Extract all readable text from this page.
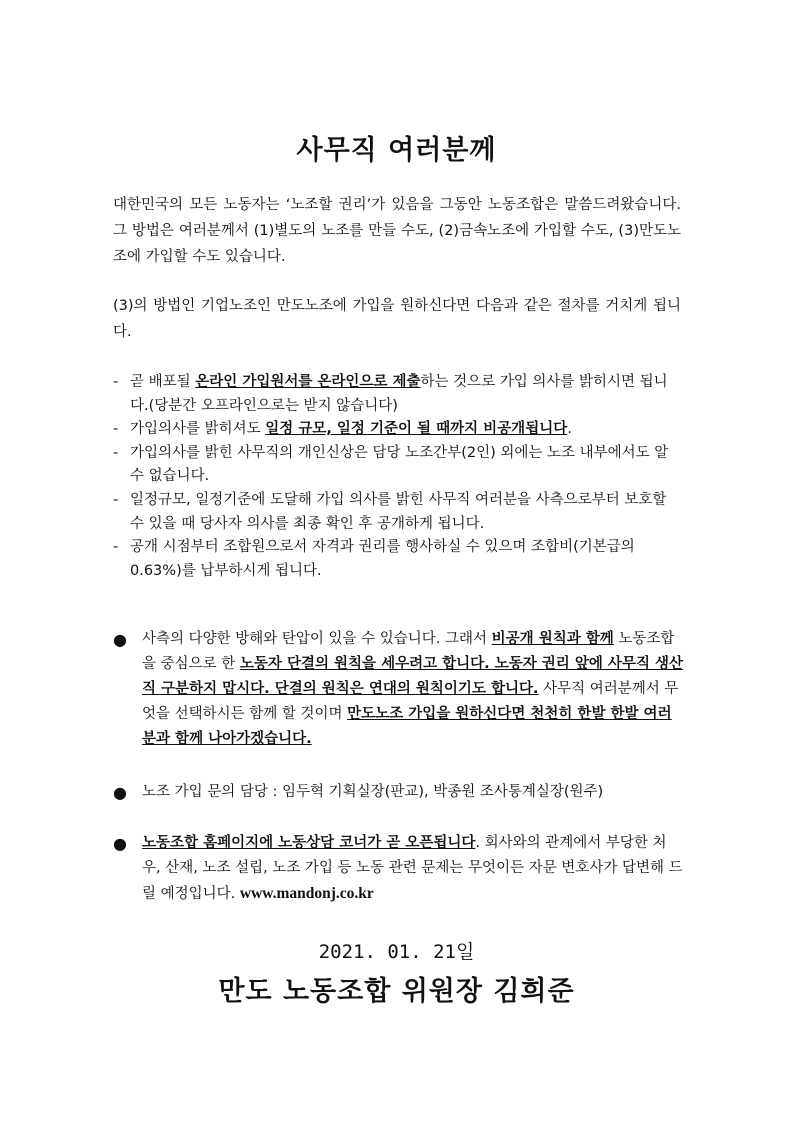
사무직 여러분께
대한민국의 모든 노동자는 ‘노조할 권리’가 있음을 그동안 노동조합은 말씀드려왔습니다. 그 방법은 여러분께서 (1)별도의 노조를 만들 수도, (2)금속노조에 가입할 수도, (3)만도노조에 가입할 수도 있습니다.
(3)의 방법인 기업노조인 만도노조에 가입을 원하신다면 다음과 같은 절차를 거치게 됩니다.
- 곧 배포될 온라인 가입원서를 온라인으로 제출하는 것으로 가입 의사를 밝히시면 됩니다.(당분간 오프라인으로는 받지 않습니다)
- 가입의사를 밝히셔도 일정 규모, 일정 기준이 될 때까지 비공개됩니다.
- 가입의사를 밝힌 사무직의 개인신상은 담당 노조간부(2인) 외에는 노조 내부에서도 알 수 없습니다.
- 일정규모, 일정기준에 도달해 가입 의사를 밝힌 사무직 여러분을 사측으로부터 보호할 수 있을 때 당사자 의사를 최종 확인 후 공개하게 됩니다.
- 공개 시점부터 조합원으로서 자격과 권리를 행사하실 수 있으며 조합비(기본급의 0.63%)를 납부하시게 됩니다.
●	사측의 다양한 방해와 탄압이 있을 수 있습니다. 그래서 비공개 원칙과 함께 노동조합을 중심으로 한 노동자 단결의 원칙을 세우려고 합니다. 노동자 권리 앞에 사무직 생산직 구분하지 맙시다. 단결의 원칙은 연대의 원칙이기도 합니다. 사무직 여러분께서 무엇을 선택하시든 함께 할 것이며 만도노조 가입을 원하신다면 천천히 한발 한발 여러분과 함께 나아가겠습니다.
●	노조 가입 문의 담당 : 임두혁 기획실장(판교), 박종원 조사통계실장(원주)
●	노동조합 홈페이지에 노동상담 코너가 곧 오픈됩니다. 회사와의 관계에서 부당한 처우, 산재, 노조 설립, 노조 가입 등 노동 관련 문제는 무엇이든 자문 변호사가 답변해 드릴 예정입니다. www.mandonj.co.kr
2021. 01. 21일
만도 노동조합 위원장 김희준
